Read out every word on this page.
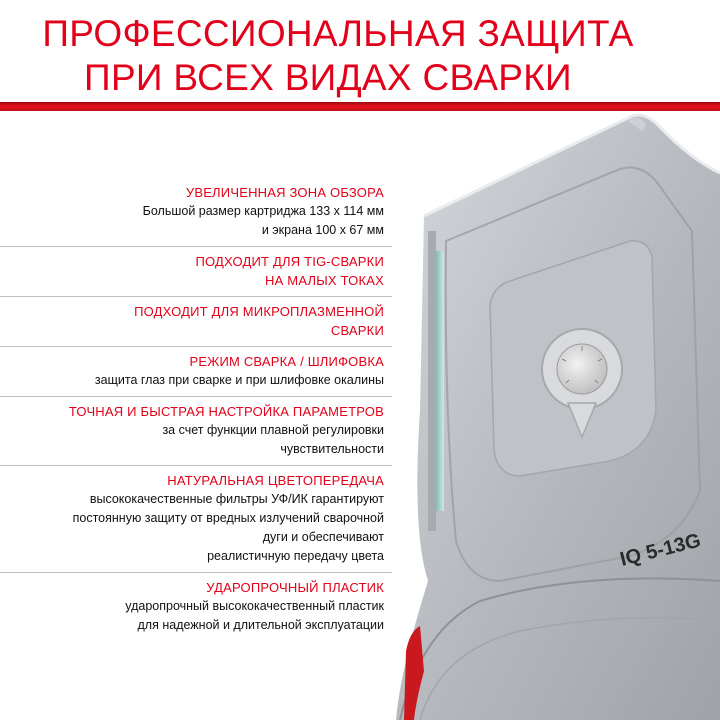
ПРОФЕССИОНАЛЬНАЯ ЗАЩИТА
ПРИ ВСЕХ ВИДАХ СВАРКИ
IQ 5-13G
УВЕЛИЧЕННАЯ ЗОНА ОБЗОРА
Большой размер картриджа 133 х 114 мм
и экрана 100 х 67 мм
ПОДХОДИТ ДЛЯ TIG-СВАРКИ
НА МАЛЫХ ТОКАХ
ПОДХОДИТ ДЛЯ МИКРОПЛАЗМЕННОЙ
СВАРКИ
РЕЖИМ СВАРКА / ШЛИФОВКА
защита глаз при сварке и при шлифовке окалины
ТОЧНАЯ И БЫСТРАЯ НАСТРОЙКА ПАРАМЕТРОВ
за счет функции плавной регулировки
чувствительности
НАТУРАЛЬНАЯ ЦВЕТОПЕРЕДАЧА
высококачественные фильтры УФ/ИК гарантируют
постоянную защиту от вредных излучений сварочной
дуги и обеспечивают
реалистичную передачу цвета
УДАРОПРОЧНЫЙ ПЛАСТИК
ударопрочный высококачественный пластик
для надежной и длительной эксплуатации
